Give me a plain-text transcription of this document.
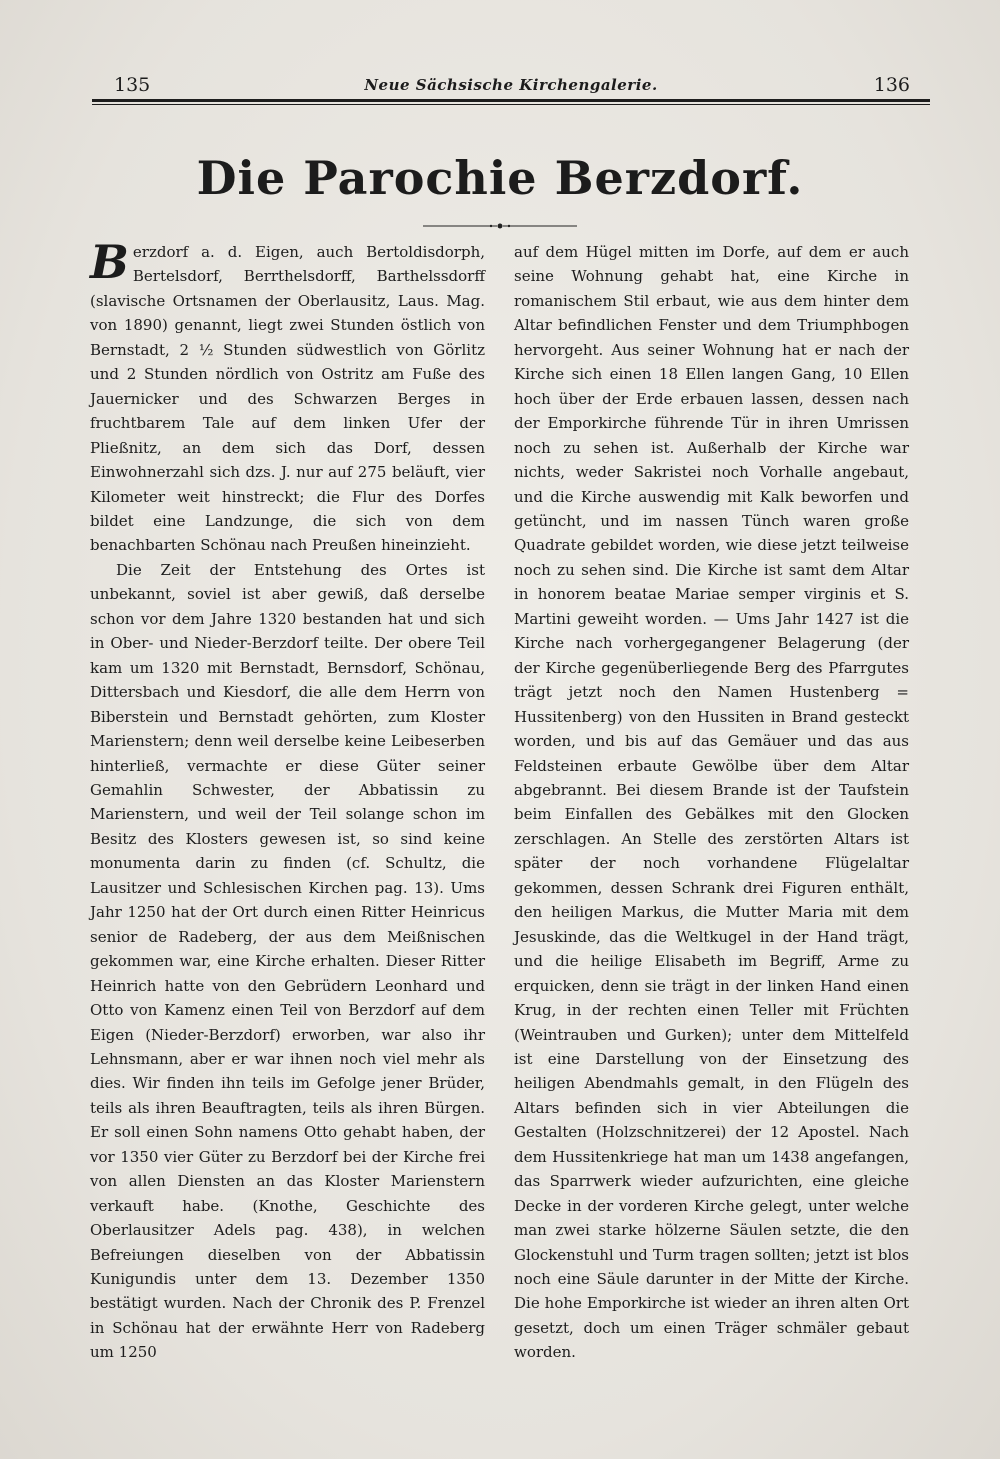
135	Neue Sächsische Kirchengalerie.	136
Die Parochie Berzdorf.

Berzdorf a. d. Eigen, auch Bertoldisdorph, Bertelsdorf, Berrthelsdorff, Barthelssdorff (slavische Ortsnamen der Oberlausitz, Laus. Mag. von 1890) genannt, liegt zwei Stunden östlich von Bernstadt, 2 ½ Stunden südwestlich von Görlitz und 2 Stunden nördlich von Ostritz am Fuße des Jauernicker und des Schwarzen Berges in fruchtbarem Tale auf dem linken Ufer der Pließnitz, an dem sich das Dorf, dessen Einwohnerzahl sich dzs. J. nur auf 275 beläuft, vier Kilometer weit hinstreckt; die Flur des Dorfes bildet eine Landzunge, die sich von dem benachbarten Schönau nach Preußen hineinzieht.

Die Zeit der Entstehung des Ortes ist unbekannt, soviel ist aber gewiß, daß derselbe schon vor dem Jahre 1320 bestanden hat und sich in Ober- und Nieder-Berzdorf teilte. Der obere Teil kam um 1320 mit Bernstadt, Bernsdorf, Schönau, Dittersbach und Kiesdorf, die alle dem Herrn von Biberstein und Bernstadt gehörten, zum Kloster Marienstern; denn weil derselbe keine Leibeserben hinterließ, vermachte er diese Güter seiner Gemahlin Schwester, der Abbatissin zu Marienstern, und weil der Teil solange schon im Besitz des Klosters gewesen ist, so sind keine monumenta darin zu finden (cf. Schultz, die Lausitzer und Schlesischen Kirchen pag. 13). Ums Jahr 1250 hat der Ort durch einen Ritter Heinricus senior de Radeberg, der aus dem Meißnischen gekommen war, eine Kirche erhalten. Dieser Ritter Heinrich hatte von den Gebrüdern Leonhard und Otto von Kamenz einen Teil von Berzdorf auf dem Eigen (Nieder-Berzdorf) erworben, war also ihr Lehnsmann, aber er war ihnen noch viel mehr als dies. Wir finden ihn teils im Gefolge jener Brüder, teils als ihren Beauftragten, teils als ihren Bürgen. Er soll einen Sohn namens Otto gehabt haben, der vor 1350 vier Güter zu Berzdorf bei der Kirche frei von allen Diensten an das Kloster Marienstern verkauft habe. (Knothe, Geschichte des Oberlausitzer Adels pag. 438), in welchen Befreiungen dieselben von der Abbatissin Kunigundis unter dem 13. Dezember 1350 bestätigt wurden. Nach der Chronik des P. Frenzel in Schönau hat der erwähnte Herr von Radeberg um 1250

auf dem Hügel mitten im Dorfe, auf dem er auch seine Wohnung gehabt hat, eine Kirche in romanischem Stil erbaut, wie aus dem hinter dem Altar befindlichen Fenster und dem Triumphbogen hervorgeht. Aus seiner Wohnung hat er nach der Kirche sich einen 18 Ellen langen Gang, 10 Ellen hoch über der Erde erbauen lassen, dessen nach der Emporkirche führende Tür in ihren Umrissen noch zu sehen ist. Außerhalb der Kirche war nichts, weder Sakristei noch Vorhalle angebaut, und die Kirche auswendig mit Kalk beworfen und getüncht, und im nassen Tünch waren große Quadrate gebildet worden, wie diese jetzt teilweise noch zu sehen sind. Die Kirche ist samt dem Altar in honorem beatae Mariae semper virginis et S. Martini geweiht worden. — Ums Jahr 1427 ist die Kirche nach vorhergegangener Belagerung (der der Kirche gegenüberliegende Berg des Pfarrgutes trägt jetzt noch den Namen Hustenberg = Hussitenberg) von den Hussiten in Brand gesteckt worden, und bis auf das Gemäuer und das aus Feldsteinen erbaute Gewölbe über dem Altar abgebrannt. Bei diesem Brande ist der Taufstein beim Einfallen des Gebälkes mit den Glocken zerschlagen. An Stelle des zerstörten Altars ist später der noch vorhandene Flügelaltar gekommen, dessen Schrank drei Figuren enthält, den heiligen Markus, die Mutter Maria mit dem Jesuskinde, das die Weltkugel in der Hand trägt, und die heilige Elisabeth im Begriff, Arme zu erquicken, denn sie trägt in der linken Hand einen Krug, in der rechten einen Teller mit Früchten (Weintrauben und Gurken); unter dem Mittelfeld ist eine Darstellung von der Einsetzung des heiligen Abendmahls gemalt, in den Flügeln des Altars befinden sich in vier Abteilungen die Gestalten (Holzschnitzerei) der 12 Apostel. Nach dem Hussitenkriege hat man um 1438 angefangen, das Sparrwerk wieder aufzurichten, eine gleiche Decke in der vorderen Kirche gelegt, unter welche man zwei starke hölzerne Säulen setzte, die den Glockenstuhl und Turm tragen sollten; jetzt ist blos noch eine Säule darunter in der Mitte der Kirche. Die hohe Emporkirche ist wieder an ihren alten Ort gesetzt, doch um einen Träger schmäler gebaut worden.
